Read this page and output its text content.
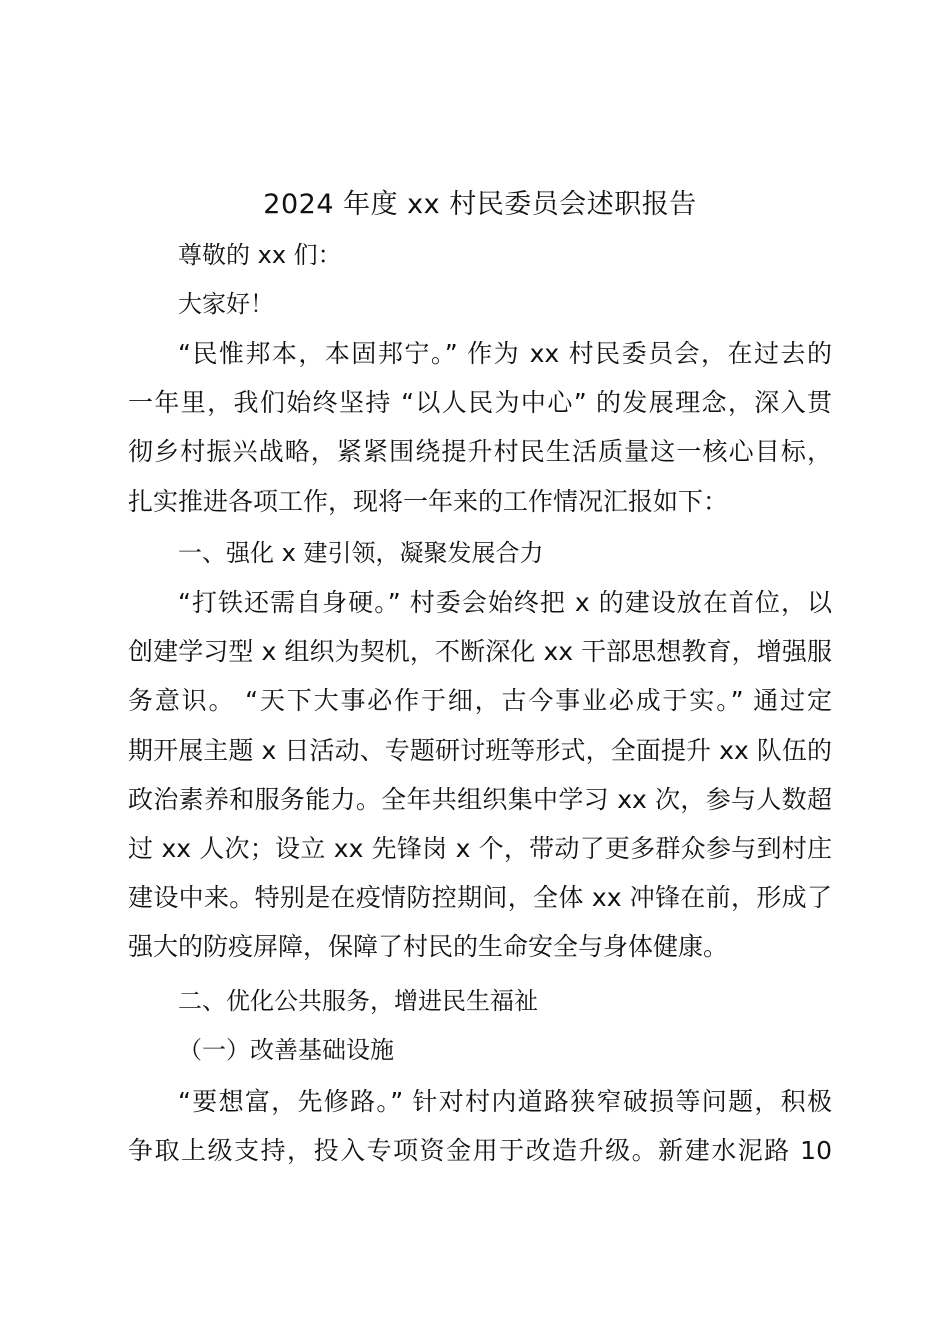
2024 年度 xx 村民委员会述职报告
尊敬的 xx 们：
大家好！
“民惟邦本，本固邦宁。” 作为 xx 村民委员会，在过去的
一年里，我们始终坚持 “以人民为中心” 的发展理念，深入贯
彻乡村振兴战略，紧紧围绕提升村民生活质量这一核心目标，
扎实推进各项工作，现将一年来的工作情况汇报如下：
一、强化 x 建引领，凝聚发展合力
“打铁还需自身硬。” 村委会始终把 x 的建设放在首位，以
创建学习型 x 组织为契机，不断深化 xx 干部思想教育，增强服
务意识。 “天下大事必作于细，古今事业必成于实。” 通过定
期开展主题 x 日活动、专题研讨班等形式，全面提升 xx 队伍的
政治素养和服务能力。全年共组织集中学习 xx 次，参与人数超
过 xx 人次；设立 xx 先锋岗 x 个，带动了更多群众参与到村庄
建设中来。特别是在疫情防控期间，全体 xx 冲锋在前，形成了
强大的防疫屏障，保障了村民的生命安全与身体健康。
二、优化公共服务，增进民生福祉
（一）改善基础设施
“要想富，先修路。” 针对村内道路狭窄破损等问题，积极
争取上级支持，投入专项资金用于改造升级。新建水泥路 10
